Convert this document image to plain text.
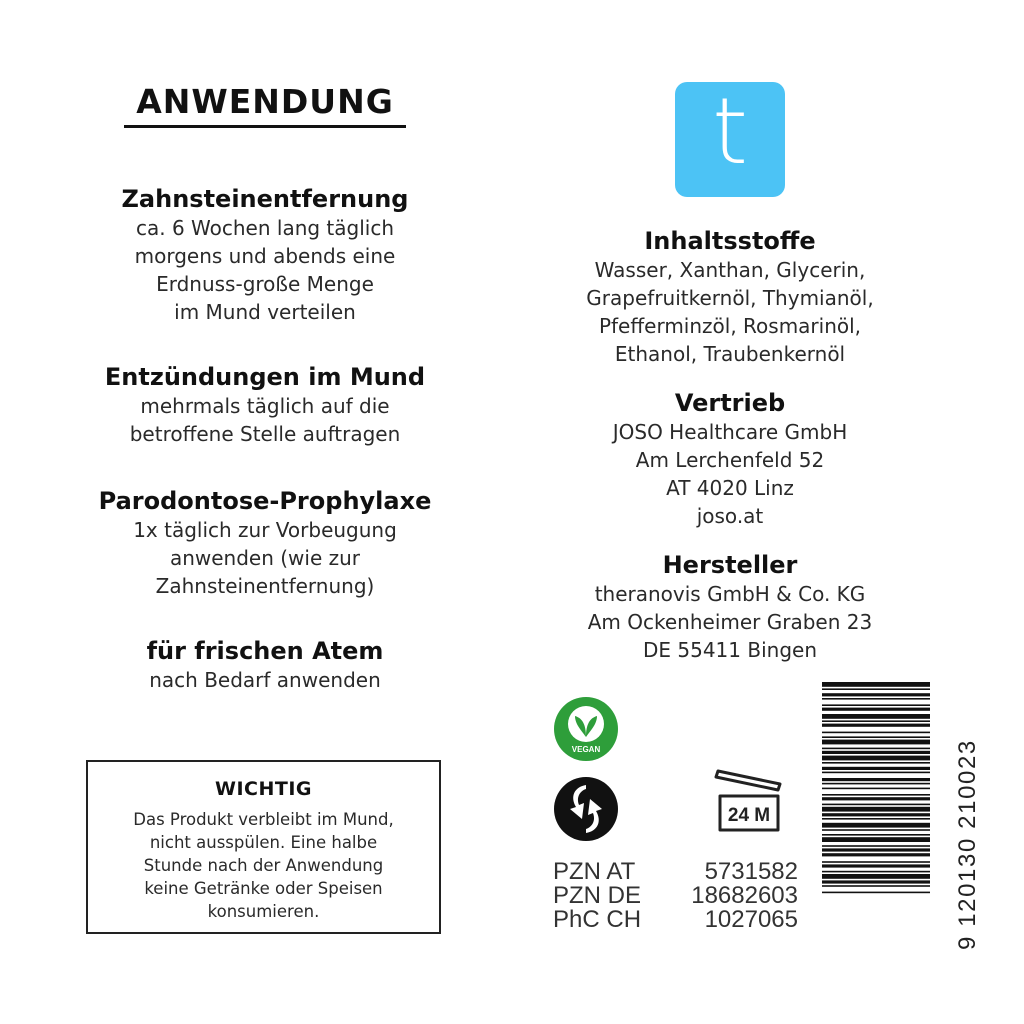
ANWENDUNG
Zahnsteinentfernung
ca. 6 Wochen lang täglich
morgens und abends eine
Erdnuss-große Menge
im Mund verteilen
Entzündungen im Mund
mehrmals täglich auf die
betroffene Stelle auftragen
Parodontose-Prophylaxe
1x täglich zur Vorbeugung
anwenden (wie zur
Zahnsteinentfernung)
für frischen Atem
nach Bedarf anwenden
WICHTIG
Das Produkt verbleibt im Mund,
nicht ausspülen. Eine halbe
Stunde nach der Anwendung
keine Getränke oder Speisen
konsumieren.
t
Inhaltsstoffe
Wasser, Xanthan, Glycerin,
Grapefruitkernöl, Thymianöl,
Pfefferminzöl, Rosmarinöl,
Ethanol, Traubenkernöl
Vertrieb
JOSO Healthcare GmbH
Am Lerchenfeld 52
AT 4020 Linz
joso.at
Hersteller
theranovis GmbH & Co. KG
Am Ockenheimer Graben 23
DE 55411 Bingen
VEGAN
24 M
PZN AT	5731582
PZN DE 18682603
PhC CH	1027065	9 120130 210023
